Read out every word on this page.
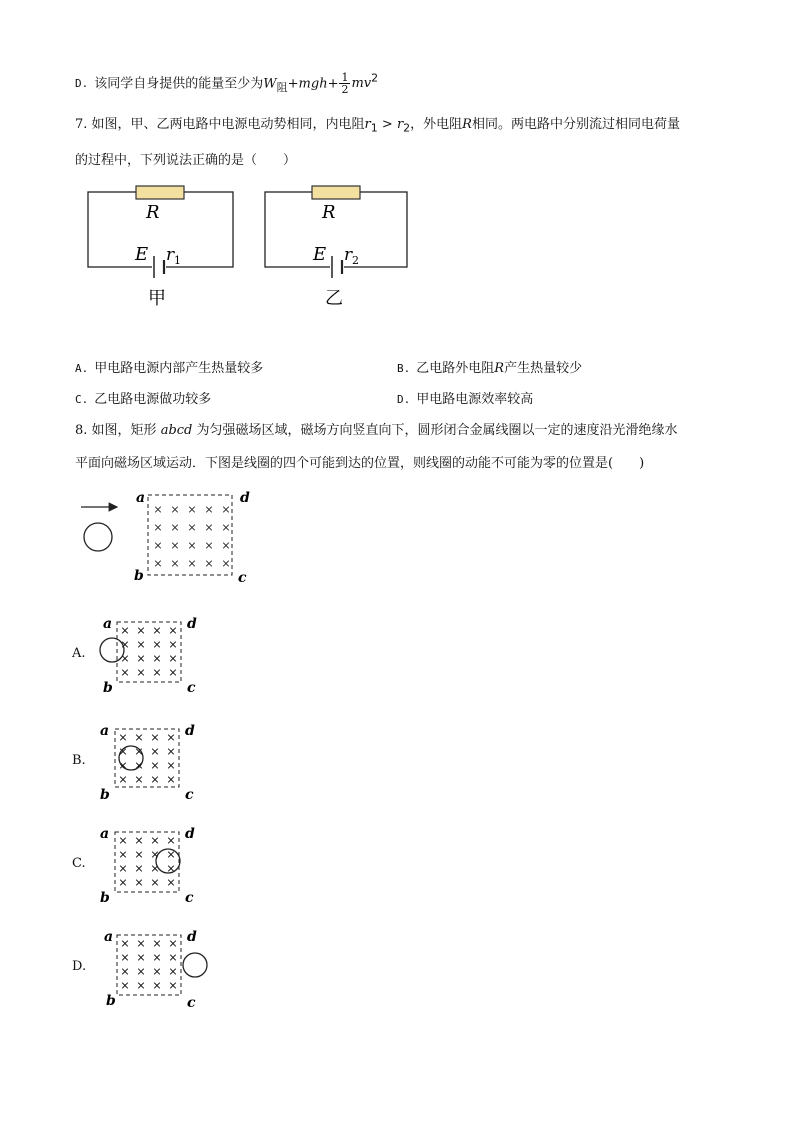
D. 该同学自身提供的能量至少为$W_阻+mgh+ \frac{1}{2} mv^2$
7. 如图，甲、乙两电路中电源电动势相同，内电阻$r_1 > r_2$，外电阻R相同。两电路中分别流过相同电荷量
的过程中，下列说法正确的是（　　）
R
E r 1
甲
R
E r 2
乙
A. 甲电路电源内部产生热量较多	B. 乙电路外电阻R产生热量较少
C. 乙电路电源做功较多	D. 甲电路电源效率较高
8. 如图，矩形 abcd 为匀强磁场区域，磁场方向竖直向下，圆形闭合金属线圈以一定的速度沿光滑绝缘水
平面向磁场区域运动．下图是线圈的四个可能到达的位置，则线圈的动能不可能为零的位置是(　　)
× × × × ×
× × × × ×
× × × × ×
× × × × ×
a	d
b	c
A.
× × × ×
× × × ×
× × × ×
× × × ×
a	d
b	c
B.
× × × ×
× × × ×
× × × ×
× × × ×
a	d
b	c
C.
× × × ×
× × × ×
× × × ×
× × × ×
a	d
b	c
D.
× × × ×
× × × ×
× × × ×
× × × ×
a	d
b	c
